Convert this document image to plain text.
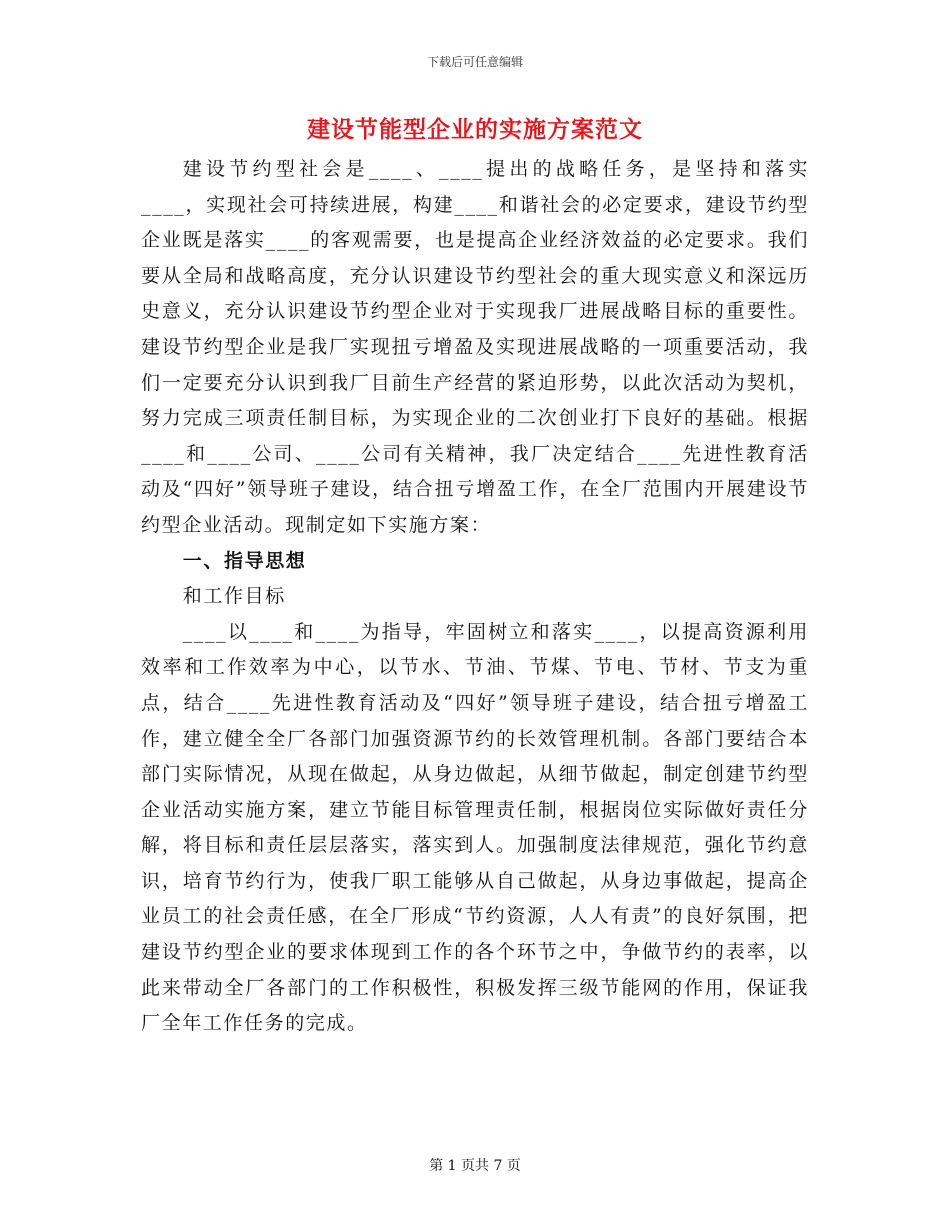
下载后可任意编辑
建设节能型企业的实施方案范文

建设节约型社会是____、____提出的战略任务，是坚持和落实____，实现社会可持续进展，构建____和谐社会的必定要求，建设节约型企业既是落实____的客观需要，也是提高企业经济效益的必定要求。我们要从全局和战略高度，充分认识建设节约型社会的重大现实意义和深远历史意义，充分认识建设节约型企业对于实现我厂进展战略目标的重要性。建设节约型企业是我厂实现扭亏增盈及实现进展战略的一项重要活动，我们一定要充分认识到我厂目前生产经营的紧迫形势，以此次活动为契机，努力完成三项责任制目标，为实现企业的二次创业打下良好的基础。根据____和____公司、____公司有关精神，我厂决定结合____先进性教育活动及“四好”领导班子建设，结合扭亏增盈工作，在全厂范围内开展建设节约型企业活动。现制定如下实施方案：

一、指导思想

和工作目标

____以____和____为指导，牢固树立和落实____，以提高资源利用效率和工作效率为中心，以节水、节油、节煤、节电、节材、节支为重点，结合____先进性教育活动及“四好”领导班子建设，结合扭亏增盈工作，建立健全全厂各部门加强资源节约的长效管理机制。各部门要结合本部门实际情况，从现在做起，从身边做起，从细节做起，制定创建节约型企业活动实施方案，建立节能目标管理责任制，根据岗位实际做好责任分解，将目标和责任层层落实，落实到人。加强制度法律规范，强化节约意识，培育节约行为，使我厂职工能够从自己做起，从身边事做起，提高企业员工的社会责任感，在全厂形成“节约资源，人人有责”的良好氛围，把建设节约型企业的要求体现到工作的各个环节之中，争做节约的表率，以此来带动全厂各部门的工作积极性，积极发挥三级节能网的作用，保证我厂全年工作任务的完成。

第 1 页共 7 页
